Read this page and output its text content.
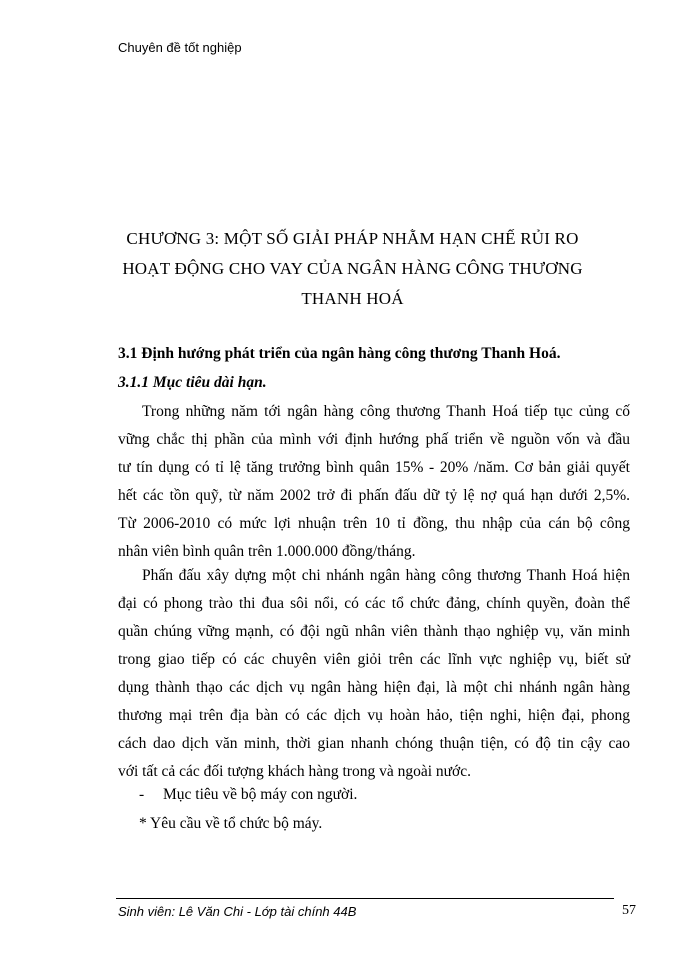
Chuyên đề tốt nghiệp
CHƯƠNG 3: MỘT SỐ GIẢI PHÁP NHẰM HẠN CHẾ RỦI RO
HOẠT ĐỘNG CHO VAY CỦA NGÂN HÀNG CÔNG THƯƠNG
THANH HOÁ
3.1 Định hướng phát triển của ngân hàng công thương Thanh Hoá.
3.1.1 Mục tiêu dài hạn.
Trong những năm tới ngân hàng công thương Thanh Hoá tiếp tục củng cố
vững chắc thị phần của mình với định hướng phấ triển về nguồn vốn và đầu
tư tín dụng có tỉ lệ tăng trưởng bình quân 15% - 20% /năm. Cơ bản giải quyết
hết các tồn quỹ, từ năm 2002 trở đi phấn đấu dữ tỷ lệ nợ quá hạn dưới 2,5%.
Từ 2006-2010 có mức lợi nhuận trên 10 tỉ đồng, thu nhập của cán bộ công
nhân viên bình quân trên 1.000.000 đồng/tháng.
Phấn đấu xây dựng một chi nhánh ngân hàng công thương Thanh Hoá hiện
đại có phong trào thi đua sôi nổi, có các tổ chức đảng, chính quyền, đoàn thể
quần chúng vững mạnh, có đội ngũ nhân viên thành thạo nghiệp vụ, văn minh
trong giao tiếp có các chuyên viên giỏi trên các lĩnh vực nghiệp vụ, biết sử
dụng thành thạo các dịch vụ ngân hàng hiện đại, là một chi nhánh ngân hàng
thương mại trên địa bàn có các dịch vụ hoàn hảo, tiện nghi, hiện đại, phong
cách dao dịch văn minh, thời gian nhanh chóng thuận tiện, có độ tin cậy cao
với tất cả các đối tượng khách hàng trong và ngoài nước.
- Mục tiêu về bộ máy con người.
* Yêu cầu về tổ chức bộ máy.
Sinh viên: Lê Văn Chi - Lớp tài chính 44B	57
